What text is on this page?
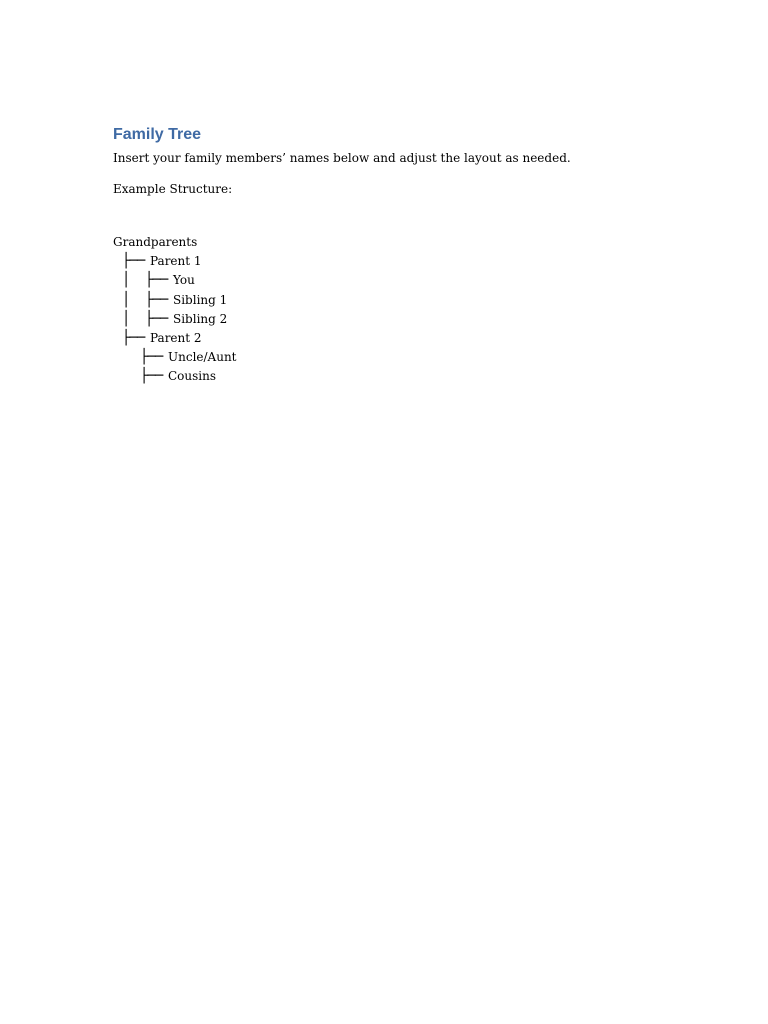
Family Tree

Insert your family members’ names below and adjust the layout as needed.

Example Structure:

Grandparents
├── Parent 1
│ ├── You
│ ├── Sibling 1
│ ├── Sibling 2
├── Parent 2
├── Uncle/Aunt
├── Cousins
